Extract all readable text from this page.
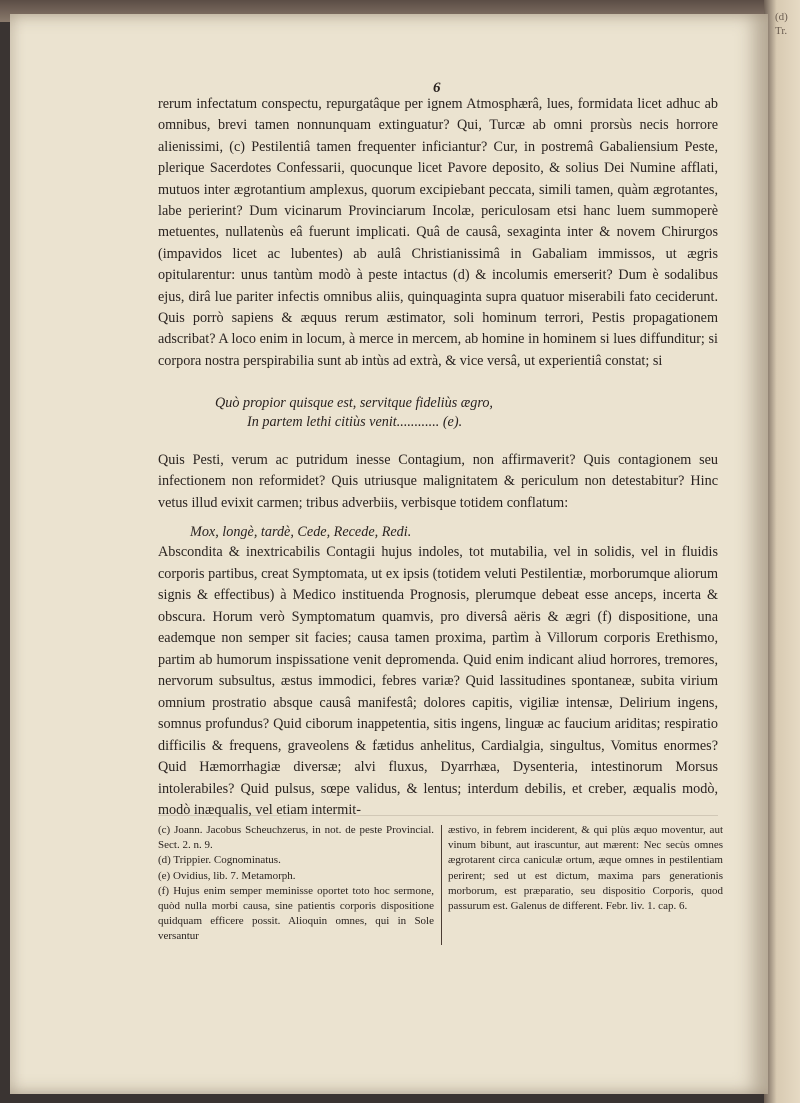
(d) Tr.
6

rerum infectatum conspectu, repurgatâque per ignem Atmosphærâ, lues, formidata licet adhuc ab omnibus, brevi tamen nonnunquam extinguatur? Qui, Turcæ ab omni prorsùs necis horrore alienissimi, (c) Pestilentiâ tamen frequenter inficiantur? Cur, in postremâ Gabaliensium Peste, plerique Sacerdotes Confessarii, quocunque licet Pavore deposito, & solius Dei Numine afflati, mutuos inter ægrotantium amplexus, quorum excipiebant peccata, simili tamen, quàm ægrotantes, labe perierint? Dum vicinarum Provinciarum Incolæ, periculosam etsi hanc luem summoperè metuentes, nullatenùs eâ fuerunt implicati. Quâ de causâ, sexaginta inter & novem Chirurgos (impavidos licet ac lubentes) ab aulâ Christianissimâ in Gabaliam immissos, ut ægris opitularentur: unus tantùm modò à peste intactus (d) & incolumis emerserit? Dum è sodalibus ejus, dirâ lue pariter infectis omnibus aliis, quinquaginta supra quatuor miserabili fato ceciderunt. Quis porrò sapiens & æquus rerum æstimator, soli hominum terrori, Pestis propagationem adscribat? A loco enim in locum, à merce in mercem, ab homine in hominem si lues diffunditur; si corpora nostra perspirabilia sunt ab intùs ad extrà, & vice versâ, ut experientiâ constat; si

Quò propior quisque est, servitque fideliùs ægro,

In partem lethi citiùs venit............ (e).

Quis Pesti, verum ac putridum inesse Contagium, non affirmaverit? Quis contagionem seu infectionem non reformidet? Quis utriusque malignitatem & periculum non detestabitur? Hinc vetus illud evixit carmen; tribus adverbiis, verbisque totidem conflatum:

Mox, longè, tardè, Cede, Recede, Redi.

Abscondita & inextricabilis Contagii hujus indoles, tot mutabilia, vel in solidis, vel in fluidis corporis partibus, creat Symptomata, ut ex ipsis (totidem veluti Pestilentiæ, morborumque aliorum signis & effectibus) à Medico instituenda Prognosis, plerumque debeat esse anceps, incerta & obscura. Horum verò Symptomatum quamvis, pro diversâ aëris & ægri (f) dispositione, una eademque non semper sit facies; causa tamen proxima, partìm à Villorum corporis Erethismo, partim ab humorum inspissatione venit depromenda. Quid enim indicant aliud horrores, tremores, nervorum subsultus, æstus immodici, febres variæ? Quid lassitudines spontaneæ, subita virium omnium prostratio absque causâ manifestâ; dolores capitis, vigiliæ intensæ, Delirium ingens, somnus profundus? Quid ciborum inappetentia, sitis ingens, linguæ ac faucium ariditas; respiratio difficilis & frequens, graveolens & fætidus anhelitus, Cardialgia, singultus, Vomitus enormes? Quid Hæmorrhagiæ diversæ; alvi fluxus, Dyarrhæa, Dysenteria, intestinorum Morsus intolerabiles? Quid pulsus, sœpe validus, & lentus; interdum debilis, et creber, æqualis modò, modò inæqualis, vel etiam intermit-

(c) Joann. Jacobus Scheuchzerus, in not. de peste Provincial. Sect. 2. n. 9.

(d) Trippier. Cognominatus.

(e) Ovidius, lib. 7. Metamorph.

(f) Hujus enim semper meminisse oportet toto hoc sermone, quòd nulla morbi causa, sine patientis corporis dispositione quidquam efficere possit. Alioquin omnes, qui in Sole versantur

æstivo, in febrem inciderent, & qui plùs æquo moventur, aut vinum bibunt, aut irascuntur, aut mærent: Nec secùs omnes ægrotarent circa caniculæ ortum, æque omnes in pestilentiam perirent; sed ut est dictum, maxima pars generationis morborum, est præparatio, seu dispositio Corporis, quod passurum est. Galenus de different. Febr. liv. 1. cap. 6.
